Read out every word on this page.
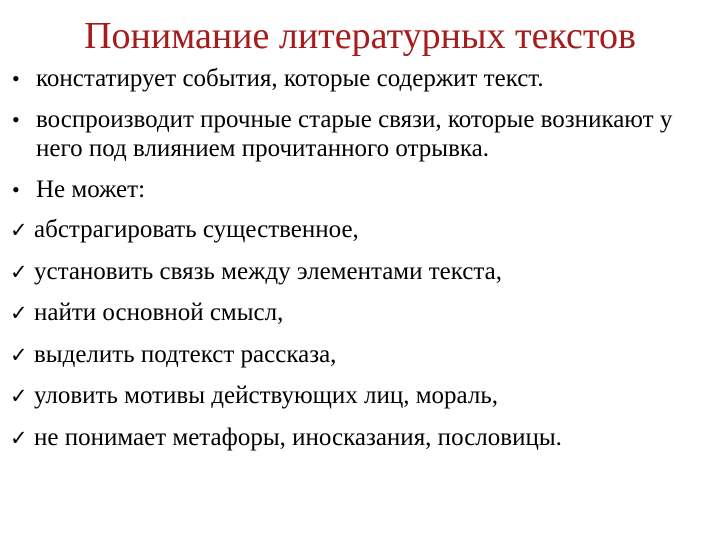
Понимание литературных текстов
• констатирует события, которые содержит текст.
• воспроизводит прочные старые связи, которые возникают у него под влиянием прочитанного отрывка.
• Не может:
✓ абстрагировать существенное,
✓ установить связь между элементами текста,
✓ найти основной смысл,
✓ выделить подтекст рассказа,
✓ уловить мотивы действующих лиц, мораль,
✓ не понимает метафоры, иносказания, пословицы.
